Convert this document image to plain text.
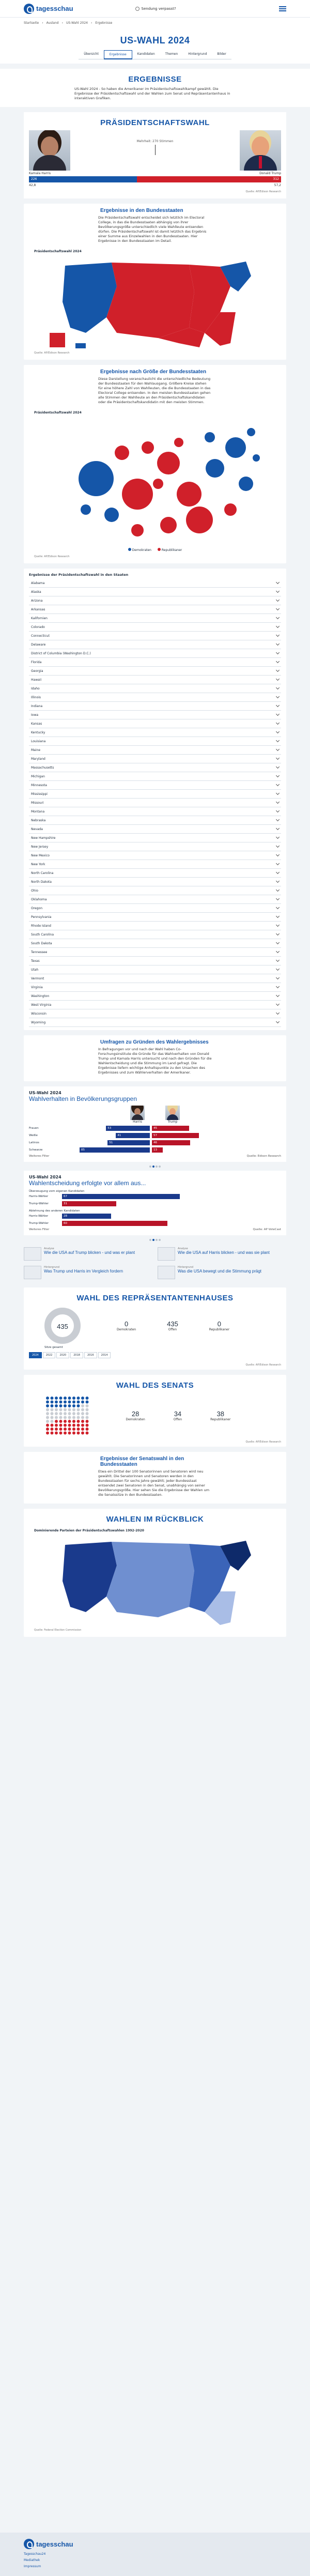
tagesschau	Sendung verpasst?
Startseite › Ausland › US-Wahl 2024 › Ergebnisse
US-WAHL 2024
Übersicht	Ergebnisse	Kandidaten	Themen	Hintergrund	Bilder
ERGEBNISSE

US-Wahl 2024 - So haben die Amerikaner im Präsidentschaftswahlkampf gewählt. Die Ergebnisse der Präsidentschaftswahl und der Wahlen zum Senat und Repräsentantenhaus in interaktiven Grafiken.

PRÄSIDENTSCHAFTSWAHL
Mehrheit: 270 Stimmen
Kamala Harris	Donald Trump
226	312
42,8	57,2
Quelle: AP/Edison Research
Ergebnisse in den Bundesstaaten

Die Präsidentschaftswahl entscheidet sich letztlich im Electoral College, in das die Bundesstaaten abhängig von ihrer Bevölkerungsgröße unterschiedlich viele Wahlleute entsenden dürfen. Die Präsidentschaftswahl ist damit letztlich das Ergebnis einer Summe aus Einzelwahlen in den Bundesstaaten. Hier Ergebnisse in den Bundesstaaten im Detail.

Präsidentschaftswahl 2024
Quelle: AP/Edison Research
Ergebnisse nach Größe der Bundesstaaten

Diese Darstellung veranschaulicht die unterschiedliche Bedeutung der Bundesstaaten für den Wahlausgang. Größere Kreise stehen für eine höhere Zahl von Wahlleuten, die die Bundesstaaten in das Electoral College entsenden. In den meisten Bundesstaaten gehen alle Stimmen der Wahlleute an den Präsidentschaftskandidaten oder die Präsidentschaftskandidatin mit den meisten Stimmen.

Präsidentschaftswahl 2024
Demokraten	Republikaner
Quelle: AP/Edison Research
Ergebnisse der Präsidentschaftswahl in den Staaten
Alabama
Alaska
Arizona
Arkansas
Kalifornien
Colorado
Connecticut
Delaware
District of Columbia (Washington D.C.)
Florida
Georgia
Hawaii
Idaho
Illinois
Indiana
Iowa
Kansas
Kentucky
Louisiana
Maine
Maryland
Massachusetts
Michigan
Minnesota
Mississippi
Missouri
Montana
Nebraska
Nevada
New Hampshire
New Jersey
New Mexico
New York
North Carolina
North Dakota
Ohio
Oklahoma
Oregon
Pennsylvania
Rhode Island
South Carolina
South Dakota
Tennessee
Texas
Utah
Vermont
Virginia
Washington
West Virginia
Wisconsin
Wyoming
Umfragen zu Gründen des Wahlergebnisses

In Befragungen vor und nach der Wahl haben Co-Forschungsinstitute die Gründe für das Wahlverhalten von Donald Trump und Kamala Harris untersucht und nach den Gründen für die Wahlentscheidung und die Stimmung im Land gefragt. Die Ergebnisse liefern wichtige Anhaltspunkte zu den Ursachen des Ergebnisses und zum Wählerverhalten der Amerikaner.

US-Wahl 2024
Wahlverhalten in Bevölkerungsgruppen
Harris	Trump
Frauen	53	45
Weiße	41	57
Latinos	51	46
Schwarze	85	13
Weiteres Filter	Quelle: Edison Research
US-Wahl 2024
Wahlentscheidung erfolgte vor allem aus...
Überzeugung vom eigenen Kandidaten
Harris-Wähler	67
Trump-Wähler	31
Ablehnung des anderen Kandidaten
Harris-Wähler	28
Trump-Wähler	60
Weiteres Filter	Quelle: AP VoteCast
Analyse
Wie die USA auf Trump blicken - und was er plant
Analyse
Wie die USA auf Harris blicken - und was sie plant
Hintergrund
Was Trump und Harris im Vergleich fordern
Hintergrund
Was die USA bewegt und die Stimmung prägt
WAHL DES REPRÄSENTANTENHAUSES
435	0
Demokraten
435
Offen
0
Republikaner
Sitze gesamt
2024	2022	2020	2018	2016	2014
Quelle: AP/Edison Research
WAHL DES SENATS
28
Demokraten
34
Offen
38
Republikaner
Quelle: AP/Edison Research
Ergebnisse der Senatswahl in den Bundesstaaten

Etwa ein Drittel der 100 Senatorinnen und Senatoren wird neu gewählt. Die Senatorinnen und Senatoren werden in den Bundesstaaten für sechs Jahre gewählt; jeder Bundesstaat entsendet zwei Senatoren in den Senat, unabhängig von seiner Bevölkerungsgröße. Hier sehen Sie die Ergebnisse der Wahlen um die Senatssitze in den Bundesstaaten.

WAHLEN IM RÜCKBLICK
Dominierende Parteien der Präsidentschaftswahlen 1992-2020
Quelle: Federal Election Commission
tagesschau
Tagesschau24
Mediathek
Impressum
